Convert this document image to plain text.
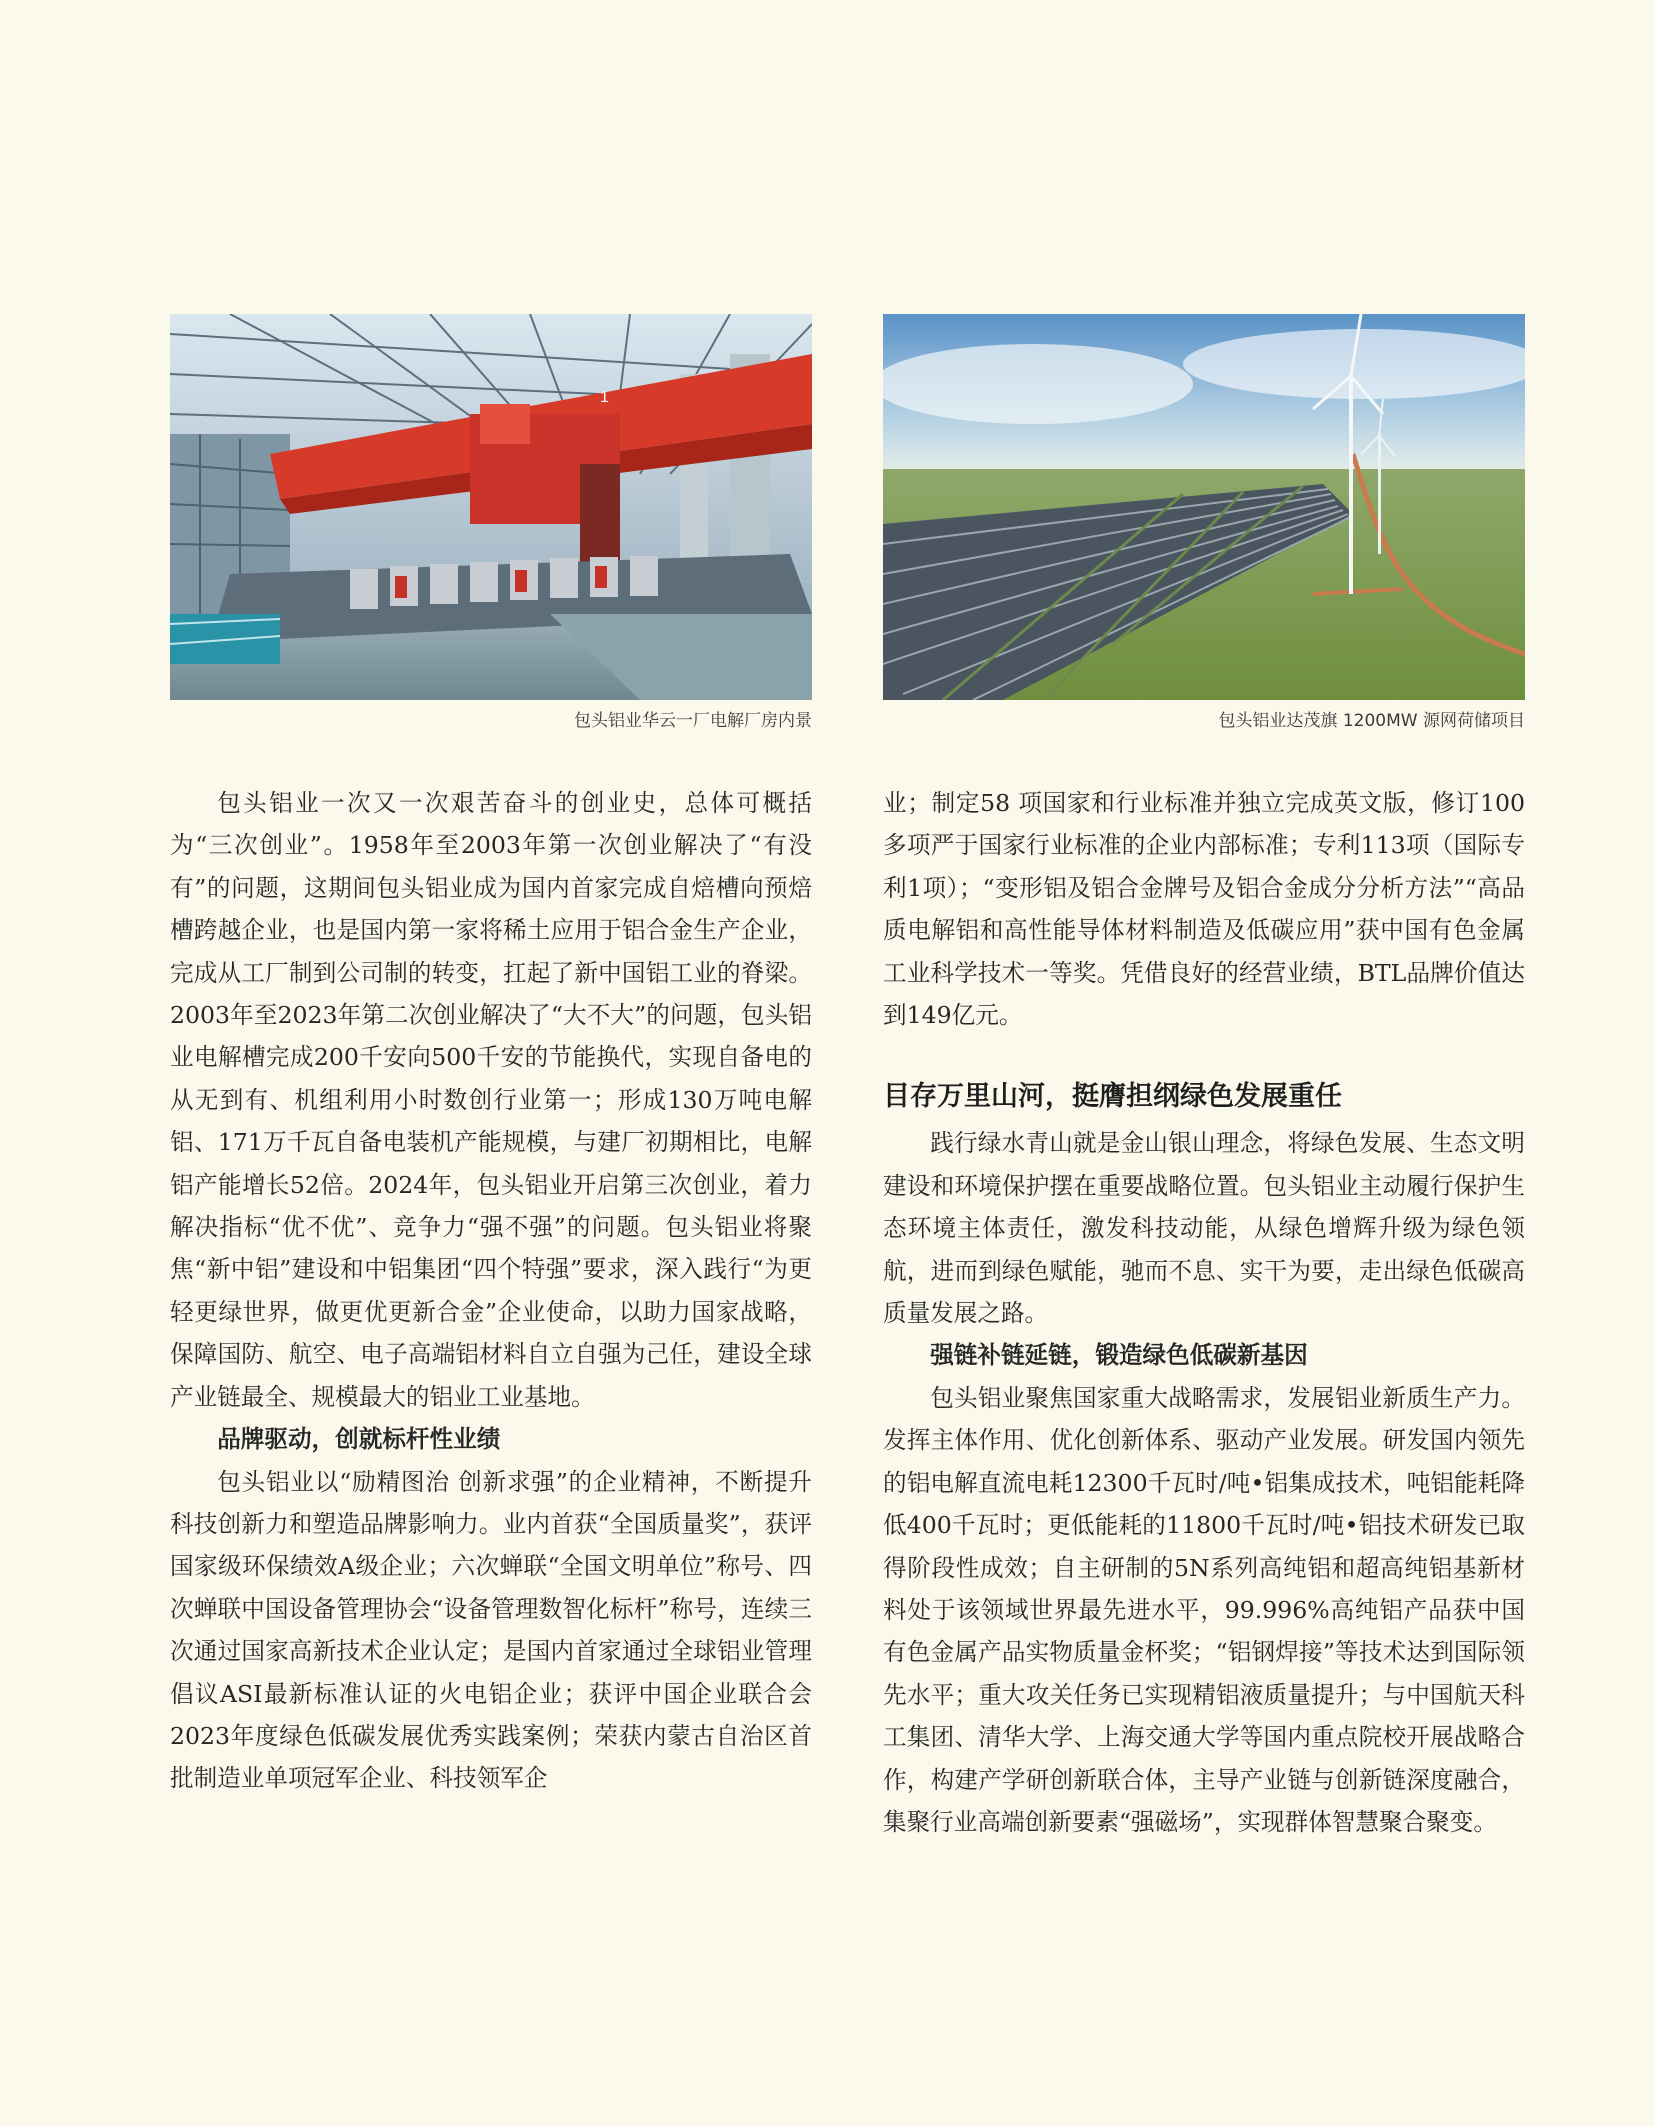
1
包头铝业华云一厂电解厂房内景	包头铝业达茂旗 1200MW 源网荷储项目

包头铝业一次又一次艰苦奋斗的创业史，总体可概括为“三次创业”。1958年至2003年第一次创业解决了“有没有”的问题，这期间包头铝业成为国内首家完成自焙槽向预焙槽跨越企业，也是国内第一家将稀土应用于铝合金生产企业，完成从工厂制到公司制的转变，扛起了新中国铝工业的脊梁。2003年至2023年第二次创业解决了“大不大”的问题，包头铝业电解槽完成200千安向500千安的节能换代，实现自备电的从无到有、机组利用小时数创行业第一；形成130万吨电解铝、171万千瓦自备电装机产能规模，与建厂初期相比，电解铝产能增长52倍。2024年，包头铝业开启第三次创业，着力解决指标“优不优”、竞争力“强不强”的问题。包头铝业将聚焦“新中铝”建设和中铝集团“四个特强”要求，深入践行“为更轻更绿世界，做更优更新合金”企业使命，以助力国家战略，保障国防、航空、电子高端铝材料自立自强为己任，建设全球产业链最全、规模最大的铝业工业基地。

品牌驱动，创就标杆性业绩

包头铝业以“励精图治 创新求强”的企业精神，不断提升科技创新力和塑造品牌影响力。业内首获“全国质量奖”，获评国家级环保绩效A级企业；六次蝉联“全国文明单位”称号、四次蝉联中国设备管理协会“设备管理数智化标杆”称号，连续三次通过国家高新技术企业认定；是国内首家通过全球铝业管理倡议ASI最新标准认证的火电铝企业；获评中国企业联合会2023年度绿色低碳发展优秀实践案例；荣获内蒙古自治区首批制造业单项冠军企业、科技领军企

业；制定58 项国家和行业标准并独立完成英文版，修订100多项严于国家行业标准的企业内部标准；专利113项（国际专利1项）；“变形铝及铝合金牌号及铝合金成分分析方法”“高品质电解铝和高性能导体材料制造及低碳应用”获中国有色金属工业科学技术一等奖。凭借良好的经营业绩，BTL品牌价值达到149亿元。

目存万里山河，挺膺担纲绿色发展重任

践行绿水青山就是金山银山理念，将绿色发展、生态文明建设和环境保护摆在重要战略位置。包头铝业主动履行保护生态环境主体责任，激发科技动能，从绿色增辉升级为绿色领航，进而到绿色赋能，驰而不息、实干为要，走出绿色低碳高质量发展之路。

强链补链延链，锻造绿色低碳新基因

包头铝业聚焦国家重大战略需求，发展铝业新质生产力。发挥主体作用、优化创新体系、驱动产业发展。研发国内领先的铝电解直流电耗12300千瓦时/吨•铝集成技术，吨铝能耗降低400千瓦时；更低能耗的11800千瓦时/吨•铝技术研发已取得阶段性成效；自主研制的5N系列高纯铝和超高纯铝基新材料处于该领域世界最先进水平，99.996%高纯铝产品获中国有色金属产品实物质量金杯奖；“铝钢焊接”等技术达到国际领先水平；重大攻关任务已实现精铝液质量提升；与中国航天科工集团、清华大学、上海交通大学等国内重点院校开展战略合作，构建产学研创新联合体，主导产业链与创新链深度融合，集聚行业高端创新要素“强磁场”，实现群体智慧聚合聚变。
